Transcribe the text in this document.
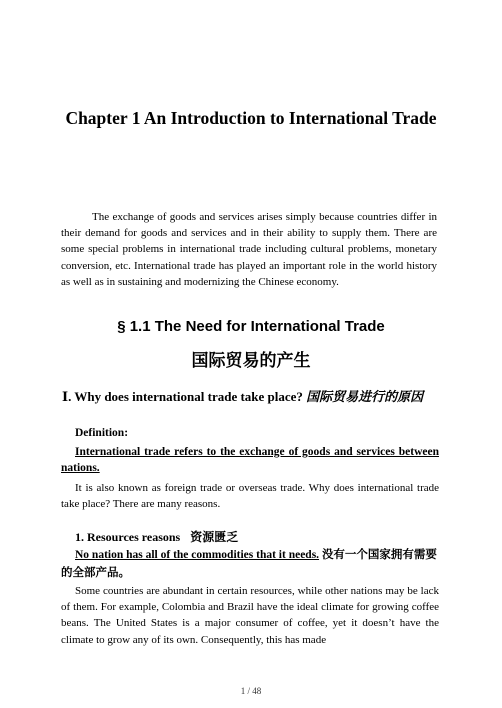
Chapter 1 An Introduction to International Trade
The exchange of goods and services arises simply because countries differ in their demand for goods and services and in their ability to supply them. There are some special problems in international trade including cultural problems, monetary conversion, etc. International trade has played an important role in the world history as well as in sustaining and modernizing the Chinese economy.
§ 1.1 The Need for International Trade
国际贸易的产生
Ⅰ. Why does international trade take place? 国际贸易进行的原因
Definition:
International trade refers to the exchange of goods and services between nations.
It is also known as foreign trade or overseas trade. Why does international trade take place? There are many reasons.
1. Resources reasons 资源匮乏
No nation has all of the commodities that it needs. 没有一个国家拥有需要的全部产品。
Some countries are abundant in certain resources, while other nations may be lack of them. For example, Colombia and Brazil have the ideal climate for growing coffee beans. The United States is a major consumer of coffee, yet it doesn’t have the climate to grow any of its own. Consequently, this has made
1 / 48
